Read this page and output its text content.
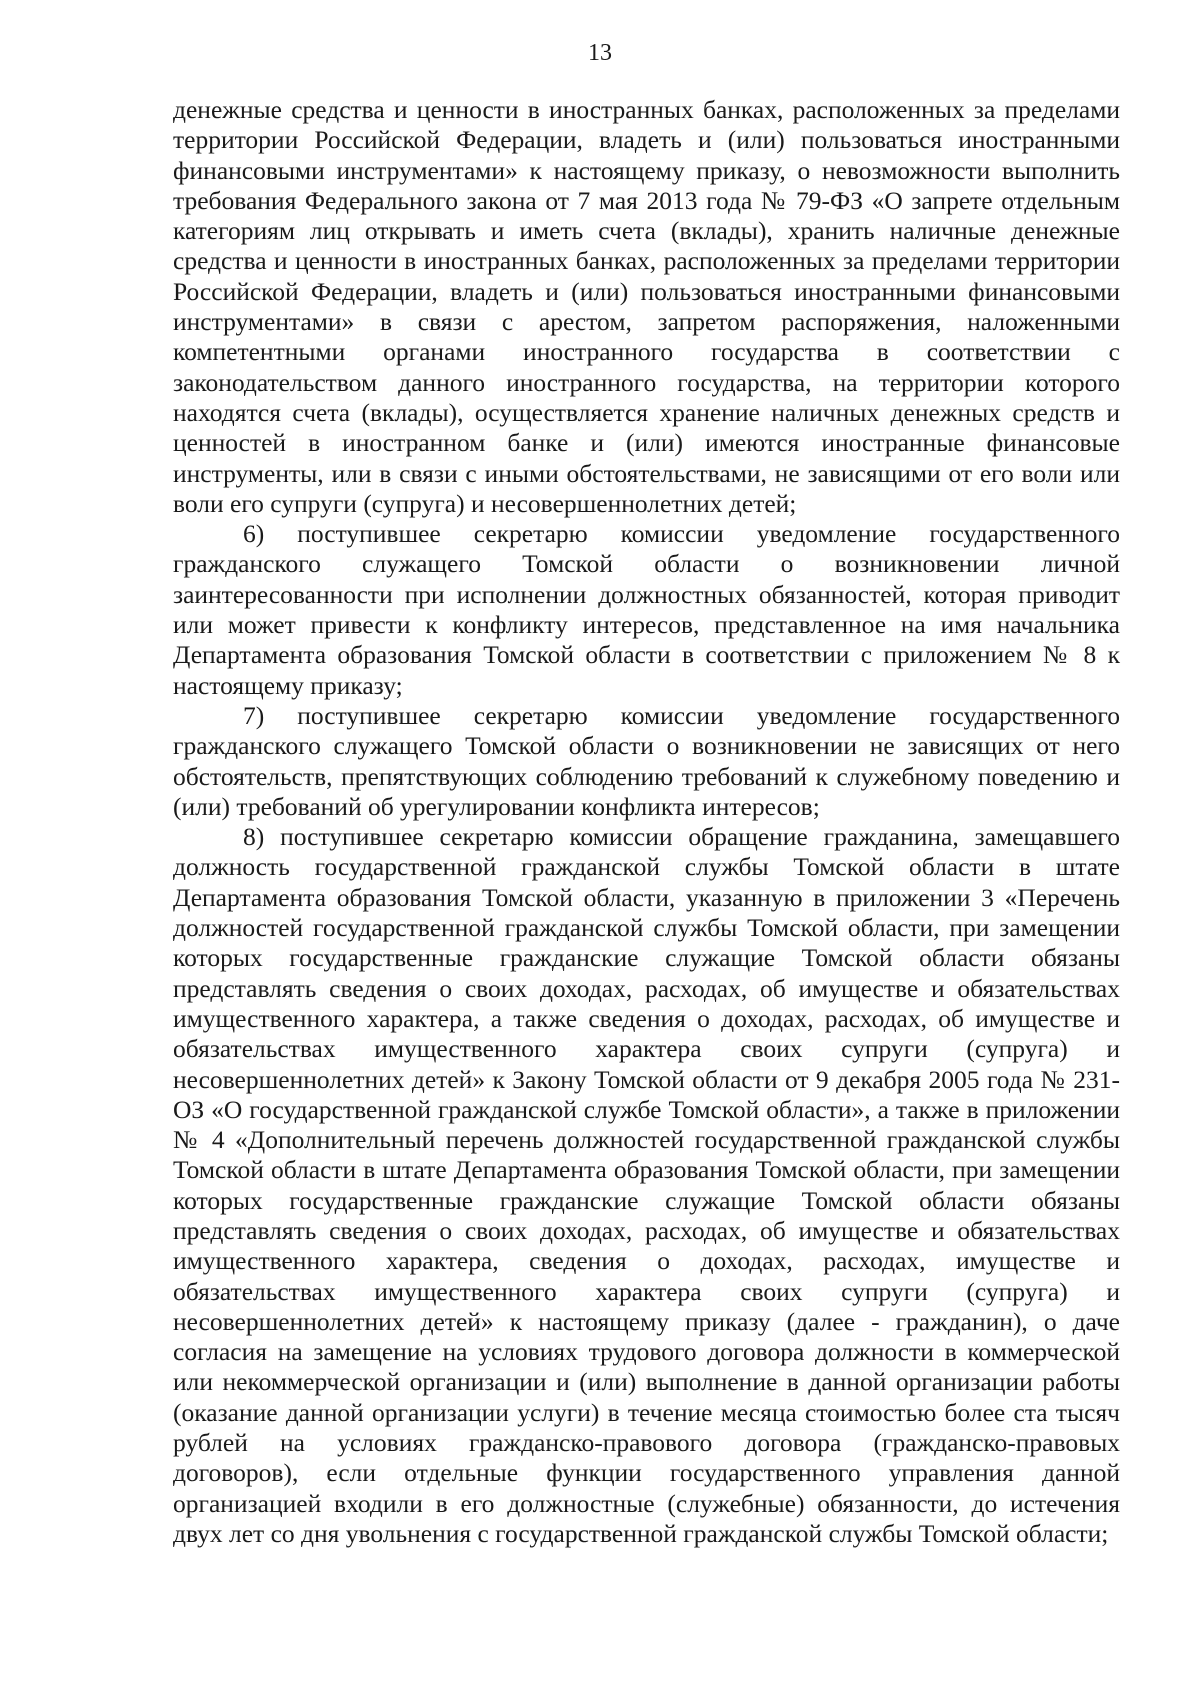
13

денежные средства и ценности в иностранных банках, расположенных за пределами территории Российской Федерации, владеть и (или) пользоваться иностранными финансовыми инструментами» к настоящему приказу, о невозможности выполнить требования Федерального закона от 7 мая 2013 года № 79-ФЗ «О запрете отдельным категориям лиц открывать и иметь счета (вклады), хранить наличные денежные средства и ценности в иностранных банках, расположенных за пределами территории Российской Федерации, владеть и (или) пользоваться иностранными финансовыми инструментами» в связи с арестом, запретом распоряжения, наложенными компетентными органами иностранного государства в соответствии с законодательством данного иностранного государства, на территории которого находятся счета (вклады), осуществляется хранение наличных денежных средств и ценностей в иностранном банке и (или) имеются иностранные финансовые инструменты, или в связи с иными обстоятельствами, не зависящими от его воли или воли его супруги (супруга) и несовершеннолетних детей;

6) поступившее секретарю комиссии уведомление государственного гражданского служащего Томской области о возникновении личной заинтересованности при исполнении должностных обязанностей, которая приводит или может привести к конфликту интересов, представленное на имя начальника Департамента образования Томской области в соответствии с приложением № 8 к настоящему приказу;

7) поступившее секретарю комиссии уведомление государственного гражданского служащего Томской области о возникновении не зависящих от него обстоятельств, препятствующих соблюдению требований к служебному поведению и (или) требований об урегулировании конфликта интересов;

8) поступившее секретарю комиссии обращение гражданина, замещавшего должность государственной гражданской службы Томской области в штате Департамента образования Томской области, указанную в приложении 3 «Перечень должностей государственной гражданской службы Томской области, при замещении которых государственные гражданские служащие Томской области обязаны представлять сведения о своих доходах, расходах, об имуществе и обязательствах имущественного характера, а также сведения о доходах, расходах, об имуществе и обязательствах имущественного характера своих супруги (супруга) и несовершеннолетних детей» к Закону Томской области от 9 декабря 2005 года № 231-ОЗ «О государственной гражданской службе Томской области», а также в приложении № 4 «Дополнительный перечень должностей государственной гражданской службы Томской области в штате Департамента образования Томской области, при замещении которых государственные гражданские служащие Томской области обязаны представлять сведения о своих доходах, расходах, об имуществе и обязательствах имущественного характера, сведения о доходах, расходах, имуществе и обязательствах имущественного характера своих супруги (супруга) и несовершеннолетних детей» к настоящему приказу (далее - гражданин), о даче согласия на замещение на условиях трудового договора должности в коммерческой или некоммерческой организации и (или) выполнение в данной организации работы (оказание данной организации услуги) в течение месяца стоимостью более ста тысяч рублей на условиях гражданско-правового договора (гражданско-правовых договоров), если отдельные функции государственного управления данной организацией входили в его должностные (служебные) обязанности, до истечения двух лет со дня увольнения с государственной гражданской службы Томской области;
